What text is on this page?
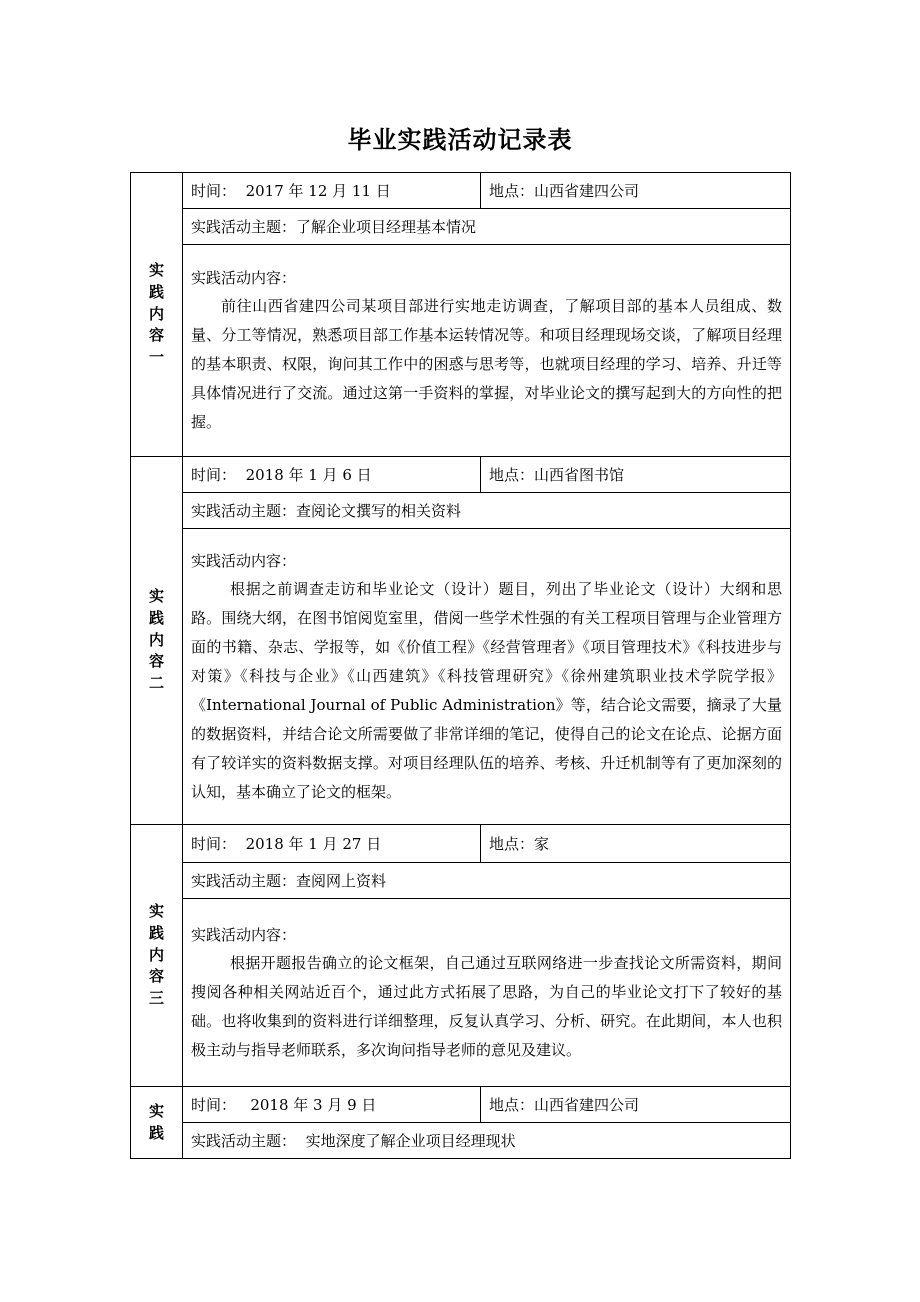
毕业实践活动记录表
实
践
内
容
一	时间： 2017 年 12 月 11 日	地点：山西省建四公司
	实践活动主题：了解企业项目经理基本情况	

	实践活动内容：

前往山西省建四公司某项目部进行实地走访调查，了解项目部的基本人员组成、数量、分工等情况，熟悉项目部工作基本运转情况等。和项目经理现场交谈，了解项目经理的基本职责、权限，询问其工作中的困惑与思考等，也就项目经理的学习、培养、升迁等具体情况进行了交流。通过这第一手资料的掌握，对毕业论文的撰写起到大的方向性的把握。	

实
践
内
容
二	时间： 2018 年 1 月 6 日	地点：山西省图书馆
	实践活动主题：查阅论文撰写的相关资料	

	实践活动内容：

根据之前调查走访和毕业论文（设计）题目，列出了毕业论文（设计）大纲和思路。围绕大纲，在图书馆阅览室里，借阅一些学术性强的有关工程项目管理与企业管理方面的书籍、杂志、学报等，如《价值工程》《经营管理者》《项目管理技术》《科技进步与对策》《科技与企业》《山西建筑》《科技管理研究》《徐州建筑职业技术学院学报》《International Journal of Public Administration》等，结合论文需要，摘录了大量的数据资料，并结合论文所需要做了非常详细的笔记，使得自己的论文在论点、论据方面有了较详实的资料数据支撑。对项目经理队伍的培养、考核、升迁机制等有了更加深刻的认知，基本确立了论文的框架。	

实
践
内
容
三	时间： 2018 年 1 月 27 日	地点：家
	实践活动主题：查阅网上资料	

	实践活动内容：

根据开题报告确立的论文框架，自己通过互联网络进一步查找论文所需资料，期间搜阅各种相关网站近百个，通过此方式拓展了思路，为自己的毕业论文打下了较好的基础。也将收集到的资料进行详细整理，反复认真学习、分析、研究。在此期间，本人也积极主动与指导老师联系，多次询问指导老师的意见及建议。	

实
践	时间： 2018 年 3 月 9 日	地点：山西省建四公司
	实践活动主题： 实地深度了解企业项目经理现状	
